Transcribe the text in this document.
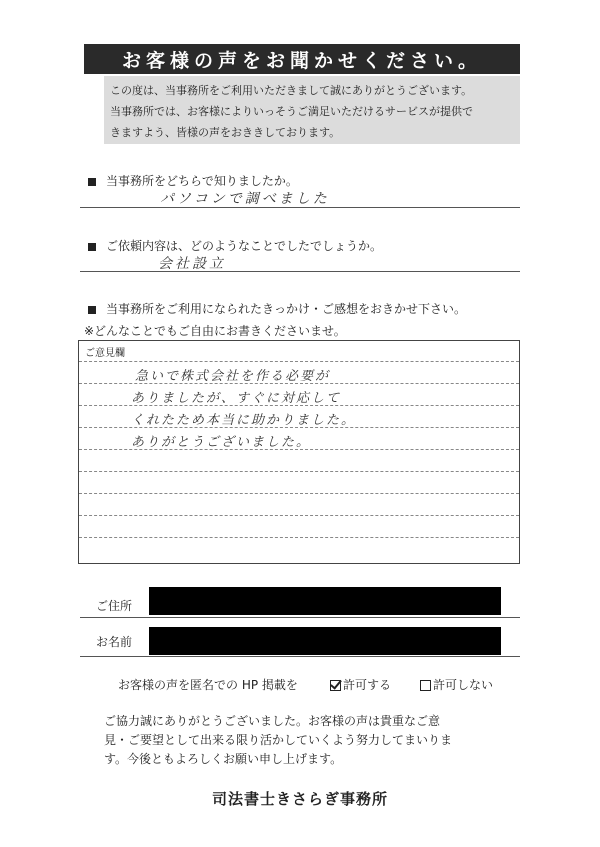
お客様の声をお聞かせください。
この度は、当事務所をご利用いただきまして誠にありがとうございます。
当事務所では、お客様によりいっそうご満足いただけるサービスが提供で
きますよう、皆様の声をおききしております。
当事務所をどちらで知りましたか。
パソコンで調べました
ご依頼内容は、どのようなことでしたでしょうか。
会社設立
当事務所をご利用になられたきっかけ・ご感想をおきかせ下さい。
※どんなことでもご自由にお書きくださいませ。
ご意見欄
急いで株式会社を作る必要が
ありましたが、すぐに対応して
くれたため本当に助かりました。
ありがとうございました。
ご住所
お名前
お客様の声を匿名での HP 掲載を	許可する	許可しない
ご協力誠にありがとうございました。お客様の声は貴重なご意
見・ご要望として出来る限り活かしていくよう努力してまいりま
す。今後ともよろしくお願い申し上げます。
司法書士きさらぎ事務所
